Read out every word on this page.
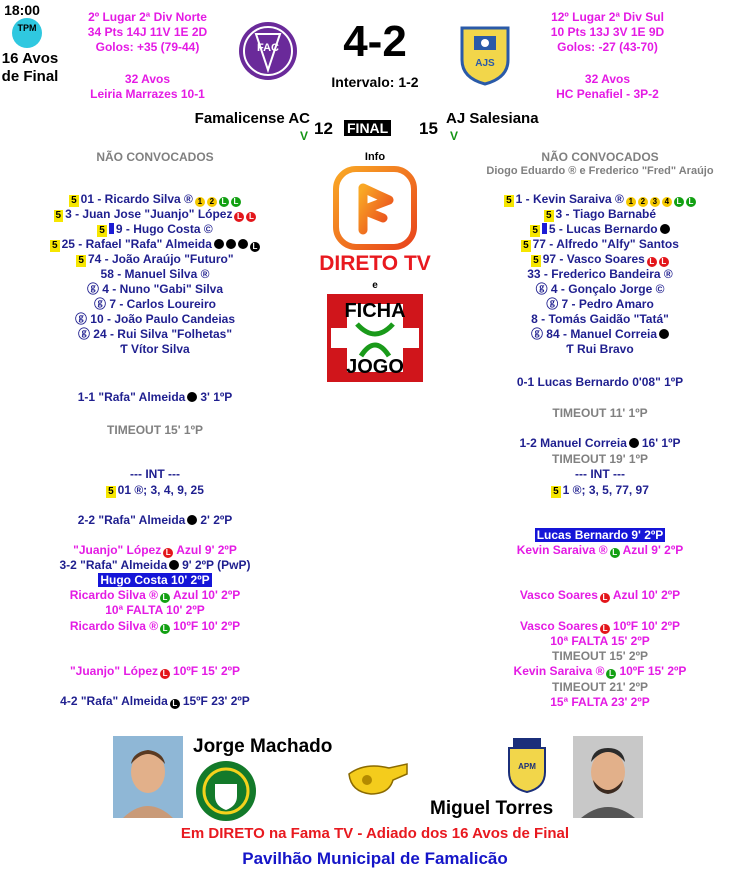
18:00
TPM
16 Avos de Final
2º Lugar 2ª Div Norte
34 Pts 14J 11V 1E 2D
Golos: +35 (79-44)
32 Avos
Leiria Marrazes 10-1
FAC	4-2
Intervalo: 1-2
AJS
12º Lugar 2ª Div Sul
10 Pts 13J 3V 1E 9D
Golos: -27 (43-70)
32 Avos
HC Penafiel - 3P-2
Famalicense AC
V 12 FINAL 15
AJ Salesiana
V
NÃO CONVOCADOS	NÃO CONVOCADOS
Diogo Eduardo ® e Frederico "Fred" Araújo
Info
DIRETO TV
e
FICHA
JOGO
5 01 - Ricardo Silva ® 1 2 L L
5 3 - Juan Jose "Juanjo" López L L
5 9 - Hugo Costa ©
5 25 - Rafael "Rafa" Almeida	L
5 74 - João Araújo "Futuro"
58 - Manuel Silva ®
ⓖ 4 - Nuno "Gabi" Silva
ⓖ 7 - Carlos Loureiro
ⓖ 10 - João Paulo Candeias
ⓖ 24 - Rui Silva "Folhetas"
Ƭ Vítor Silva
5 1 - Kevin Saraiva ® 1 2 3 4 L L
5 3 - Tiago Barnabé
5 5 - Lucas Bernardo
5 77 - Alfredo "Alfy" Santos
5 97 - Vasco Soares L L
33 - Frederico Bandeira ®
ⓖ 4 - Gonçalo Jorge ©
ⓖ 7 - Pedro Amaro
8 - Tomás Gaidão "Tatá"
ⓖ 84 - Manuel Correia
Ƭ Rui Bravo
1-1 "Rafa" Almeida 3' 1ºP
TIMEOUT 15' 1ºP
--- INT ---
5 01 ®; 3, 4, 9, 25
2-2 "Rafa" Almeida 2' 2ºP
"Juanjo" López L Azul 9' 2ºP
3-2 "Rafa" Almeida 9' 2ºP (PwP)
Hugo Costa 10' 2ºP
Ricardo Silva ® L Azul 10' 2ºP
10ª FALTA 10' 2ºP
Ricardo Silva ® L 10ºF 10' 2ºP
"Juanjo" López L 10ºF 15' 2ºP
4-2 "Rafa" Almeida L 15ºF 23' 2ºP
0-1 Lucas Bernardo 0'08" 1ºP
TIMEOUT 11' 1ºP
1-2 Manuel Correia 16' 1ºP
TIMEOUT 19' 1ºP
--- INT ---
5 1 ®; 3, 5, 77, 97
Lucas Bernardo 9' 2ºP
Kevin Saraiva ® L Azul 9' 2ºP
Vasco Soares L Azul 10' 2ºP
Vasco Soares L 10ºF 10' 2ºP
10ª FALTA 15' 2ºP
TIMEOUT 15' 2ºP
Kevin Saraiva ® L 10ºF 15' 2ºP
TIMEOUT 21' 2ºP
15ª FALTA 23' 2ºP
Jorge Machado
APM
Miguel Torres
Em DIRETO na Fama TV - Adiado dos 16 Avos de Final
Pavilhão Municipal de Famalicão
